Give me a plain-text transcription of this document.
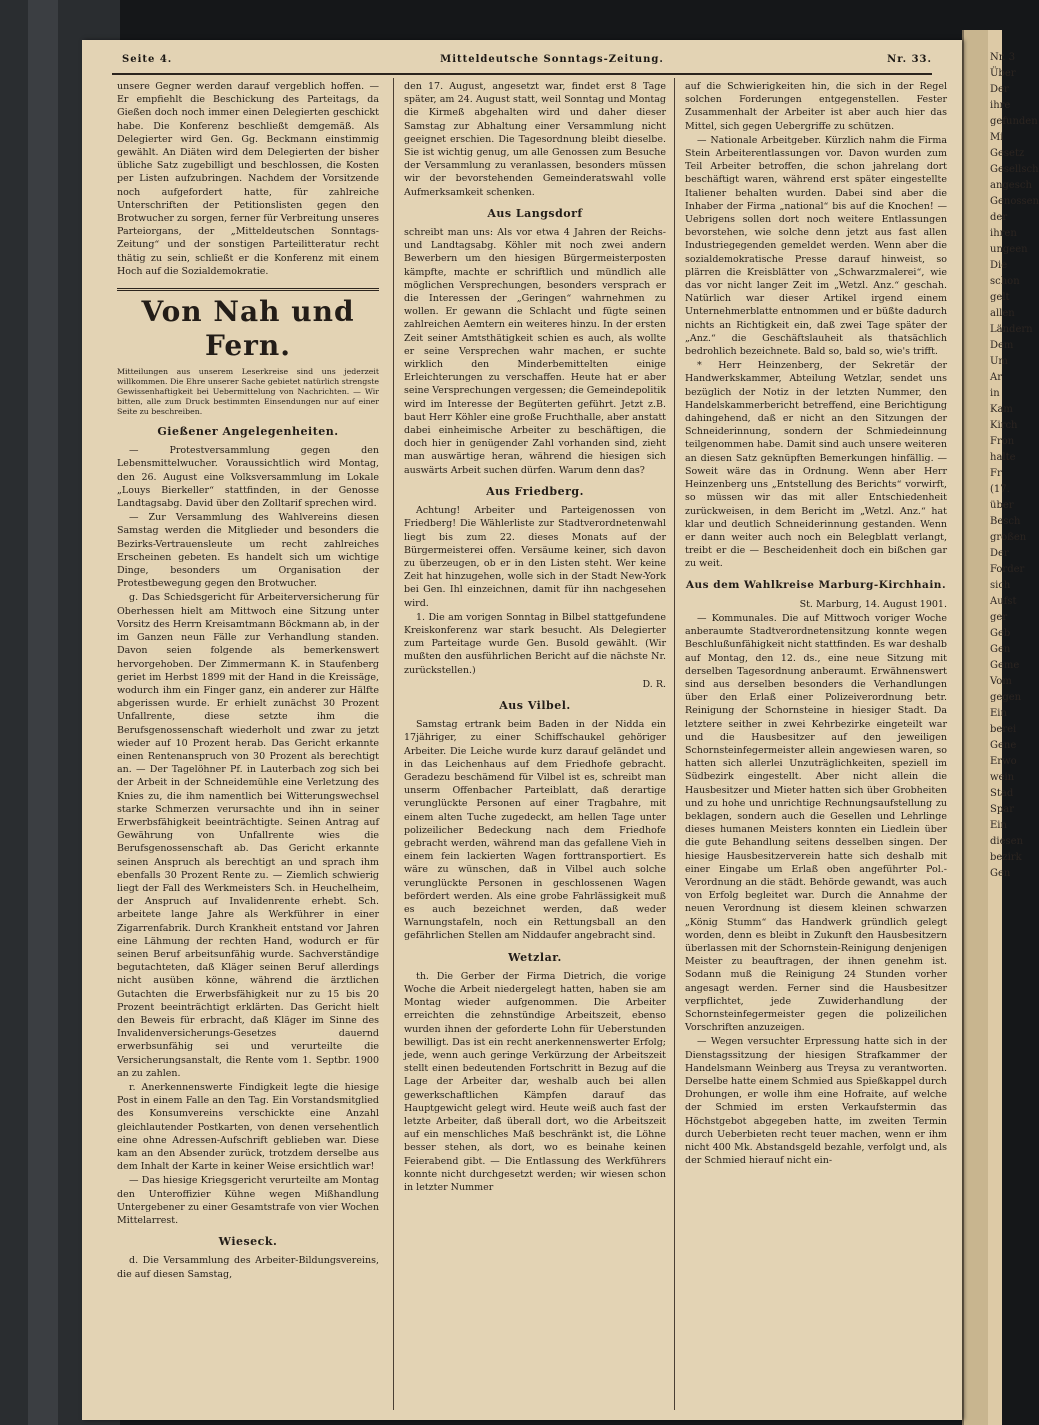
Nr. 3
Über
Der
ihre
gefunden
Mi
Gesetz
Gesellsch
angesch
Genossen
der
ihren
ungeen
Die
schon
gelt
allen
Ländern
Dem
Um
Ar
in
Kam
Kirch
Fron
halte
Fr
(17.
über
Besch
großen
Der
Forder
sich
Aufst
ger
Geb
Gen
Geme
Vom
gegen
Ein
berei
Gene
Erwo
wein
Stad
Spar
Ein
diesen
bezirk
Gen
Seite 4.	Mitteldeutsche Sonntags-Zeitung.	Nr. 33.

unsere Gegner werden darauf vergeblich hoffen. — Er empfiehlt die Beschickung des Parteitags, da Gießen doch noch immer einen Delegierten geschickt habe. Die Konferenz beschließt demgemäß. Als Delegierter wird Gen. Gg. Beckmann einstimmig gewählt. An Diäten wird dem Delegierten der bisher übliche Satz zugebilligt und beschlossen, die Kosten per Listen aufzubringen. Nachdem der Vorsitzende noch aufgefordert hatte, für zahlreiche Unterschriften der Petitionslisten gegen den Brotwucher zu sorgen, ferner für Verbreitung unseres Parteiorgans, der „Mitteldeutschen Sonntags-Zeitung“ und der sonstigen Parteilitteratur recht thätig zu sein, schließt er die Konferenz mit einem Hoch auf die Sozialdemokratie.

Von Nah und Fern.

Mitteilungen aus unserem Leserkreise sind uns jederzeit willkommen. Die Ehre unserer Sache gebietet natürlich strengste Gewissenhaftigkeit bei Uebermittelung von Nachrichten. — Wir bitten, alle zum Druck bestimmten Einsendungen nur auf einer Seite zu beschreiben.

Gießener Angelegenheiten.

— Protestversammlung gegen den Lebensmittelwucher. Voraussichtlich wird Montag, den 26. August eine Volksversammlung im Lokale „Louys Bierkeller“ stattfinden, in der Genosse Landtagsabg. David über den Zolltarif sprechen wird.

— Zur Versammlung des Wahlvereins diesen Samstag werden die Mitglieder und besonders die Bezirks-Vertrauensleute um recht zahlreiches Erscheinen gebeten. Es handelt sich um wichtige Dinge, besonders um Organisation der Protestbewegung gegen den Brotwucher.

g. Das Schiedsgericht für Arbeiterversicherung für Oberhessen hielt am Mittwoch eine Sitzung unter Vorsitz des Herrn Kreisamtmann Böckmann ab, in der im Ganzen neun Fälle zur Verhandlung standen. Davon seien folgende als bemerkenswert hervorgehoben. Der Zimmermann K. in Staufenberg geriet im Herbst 1899 mit der Hand in die Kreissäge, wodurch ihm ein Finger ganz, ein anderer zur Hälfte abgerissen wurde. Er erhielt zunächst 30 Prozent Unfallrente, diese setzte ihm die Berufsgenossenschaft wiederholt und zwar zu jetzt wieder auf 10 Prozent herab. Das Gericht erkannte einen Rentenanspruch von 30 Prozent als berechtigt an. — Der Tagelöhner Pf. in Lauterbach zog sich bei der Arbeit in der Schneidemühle eine Verletzung des Knies zu, die ihm namentlich bei Witterungswechsel starke Schmerzen verursachte und ihn in seiner Erwerbsfähigkeit beeinträchtigte. Seinen Antrag auf Gewährung von Unfallrente wies die Berufsgenossenschaft ab. Das Gericht erkannte seinen Anspruch als berechtigt an und sprach ihm ebenfalls 30 Prozent Rente zu. — Ziemlich schwierig liegt der Fall des Werkmeisters Sch. in Heuchelheim, der Anspruch auf Invalidenrente erhebt. Sch. arbeitete lange Jahre als Werkführer in einer Zigarrenfabrik. Durch Krankheit entstand vor Jahren eine Lähmung der rechten Hand, wodurch er für seinen Beruf arbeitsunfähig wurde. Sachverständige begutachteten, daß Kläger seinen Beruf allerdings nicht ausüben könne, während die ärztlichen Gutachten die Erwerbsfähigkeit nur zu 15 bis 20 Prozent beeinträchtigt erklärten. Das Gericht hielt den Beweis für erbracht, daß Kläger im Sinne des Invalidenversicherungs-Gesetzes dauernd erwerbsunfähig sei und verurteilte die Versicherungsanstalt, die Rente vom 1. Septbr. 1900 an zu zahlen.

r. Anerkennenswerte Findigkeit legte die hiesige Post in einem Falle an den Tag. Ein Vorstandsmitglied des Konsumvereins verschickte eine Anzahl gleichlautender Postkarten, von denen versehentlich eine ohne Adressen-Aufschrift geblieben war. Diese kam an den Absender zurück, trotzdem derselbe aus dem Inhalt der Karte in keiner Weise ersichtlich war!

— Das hiesige Kriegsgericht verurteilte am Montag den Unteroffizier Kühne wegen Mißhandlung Untergebener zu einer Gesamtstrafe von vier Wochen Mittelarrest.

Wieseck.

d. Die Versammlung des Arbeiter-Bildungsvereins, die auf diesen Samstag,

den 17. August, angesetzt war, findet erst 8 Tage später, am 24. August statt, weil Sonntag und Montag die Kirmeß abgehalten wird und daher dieser Samstag zur Abhaltung einer Versammlung nicht geeignet erschien. Die Tagesordnung bleibt dieselbe. Sie ist wichtig genug, um alle Genossen zum Besuche der Versammlung zu veranlassen, besonders müssen wir der bevorstehenden Gemeinderatswahl volle Aufmerksamkeit schenken.

Aus Langsdorf

schreibt man uns: Als vor etwa 4 Jahren der Reichs- und Landtagsabg. Köhler mit noch zwei andern Bewerbern um den hiesigen Bürgermeisterposten kämpfte, machte er schriftlich und mündlich alle möglichen Versprechungen, besonders versprach er die Interessen der „Geringen“ wahrnehmen zu wollen. Er gewann die Schlacht und fügte seinen zahlreichen Aemtern ein weiteres hinzu. In der ersten Zeit seiner Amtsthätigkeit schien es auch, als wollte er seine Versprechen wahr machen, er suchte wirklich den Minderbemittelten einige Erleichterungen zu verschaffen. Heute hat er aber seine Versprechungen vergessen; die Gemeindepolitik wird im Interesse der Begüterten geführt. Jetzt z.B. baut Herr Köhler eine große Fruchthalle, aber anstatt dabei einheimische Arbeiter zu beschäftigen, die doch hier in genügender Zahl vorhanden sind, zieht man auswärtige heran, während die hiesigen sich auswärts Arbeit suchen dürfen. Warum denn das?

Aus Friedberg.

Achtung! Arbeiter und Parteigenossen von Friedberg! Die Wählerliste zur Stadtverordnetenwahl liegt bis zum 22. dieses Monats auf der Bürgermeisterei offen. Versäume keiner, sich davon zu überzeugen, ob er in den Listen steht. Wer keine Zeit hat hinzugehen, wolle sich in der Stadt New-York bei Gen. Ihl einzeichnen, damit für ihn nachgesehen wird.

1. Die am vorigen Sonntag in Bilbel stattgefundene Kreiskonferenz war stark besucht. Als Delegierter zum Parteitage wurde Gen. Busold gewählt. (Wir mußten den ausführlichen Bericht auf die nächste Nr. zurückstellen.)

D. R.

Aus Vilbel.

Samstag ertrank beim Baden in der Nidda ein 17jähriger, zu einer Schiffschaukel gehöriger Arbeiter. Die Leiche wurde kurz darauf geländet und in das Leichenhaus auf dem Friedhofe gebracht. Geradezu beschämend für Vilbel ist es, schreibt man unserm Offenbacher Parteiblatt, daß derartige verunglückte Personen auf einer Tragbahre, mit einem alten Tuche zugedeckt, am hellen Tage unter polizeilicher Bedeckung nach dem Friedhofe gebracht werden, während man das gefallene Vieh in einem fein lackierten Wagen forttransportiert. Es wäre zu wünschen, daß in Vilbel auch solche verunglückte Personen in geschlossenen Wagen befördert werden. Als eine grobe Fahrlässigkeit muß es auch bezeichnet werden, daß weder Warnungstafeln, noch ein Rettungsball an den gefährlichen Stellen am Niddaufer angebracht sind.

Wetzlar.

th. Die Gerber der Firma Dietrich, die vorige Woche die Arbeit niedergelegt hatten, haben sie am Montag wieder aufgenommen. Die Arbeiter erreichten die zehnstündige Arbeitszeit, ebenso wurden ihnen der geforderte Lohn für Ueberstunden bewilligt. Das ist ein recht anerkennenswerter Erfolg; jede, wenn auch geringe Verkürzung der Arbeitszeit stellt einen bedeutenden Fortschritt in Bezug auf die Lage der Arbeiter dar, weshalb auch bei allen gewerkschaftlichen Kämpfen darauf das Hauptgewicht gelegt wird. Heute weiß auch fast der letzte Arbeiter, daß überall dort, wo die Arbeitszeit auf ein menschliches Maß beschränkt ist, die Löhne besser stehen, als dort, wo es beinahe keinen Feierabend gibt. — Die Entlassung des Werkführers konnte nicht durchgesetzt werden; wir wiesen schon in letzter Nummer

auf die Schwierigkeiten hin, die sich in der Regel solchen Forderungen entgegenstellen. Fester Zusammenhalt der Arbeiter ist aber auch hier das Mittel, sich gegen Uebergriffe zu schützen.

— Nationale Arbeitgeber. Kürzlich nahm die Firma Stein Arbeiterentlassungen vor. Davon wurden zum Teil Arbeiter betroffen, die schon jahrelang dort beschäftigt waren, während erst später eingestellte Italiener behalten wurden. Dabei sind aber die Inhaber der Firma „national“ bis auf die Knochen! — Uebrigens sollen dort noch weitere Entlassungen bevorstehen, wie solche denn jetzt aus fast allen Industriegegenden gemeldet werden. Wenn aber die sozialdemokratische Presse darauf hinweist, so plärren die Kreisblätter von „Schwarzmalerei“, wie das vor nicht langer Zeit im „Wetzl. Anz.“ geschah. Natürlich war dieser Artikel irgend einem Unternehmerblatte entnommen und er büßte dadurch nichts an Richtigkeit ein, daß zwei Tage später der „Anz.“ die Geschäftslauheit als thatsächlich bedrohlich bezeichnete. Bald so, bald so, wie's trifft.

* Herr Heinzenberg, der Sekretär der Handwerkskammer, Abteilung Wetzlar, sendet uns bezüglich der Notiz in der letzten Nummer, den Handelskammerbericht betreffend, eine Berichtigung dahingehend, daß er nicht an den Sitzungen der Schneiderinnung, sondern der Schmiedeinnung teilgenommen habe. Damit sind auch unsere weiteren an diesen Satz geknüpften Bemerkungen hinfällig. — Soweit wäre das in Ordnung. Wenn aber Herr Heinzenberg uns „Entstellung des Berichts“ vorwirft, so müssen wir das mit aller Entschiedenheit zurückweisen, in dem Bericht im „Wetzl. Anz.“ hat klar und deutlich Schneiderinnung gestanden. Wenn er dann weiter auch noch ein Belegblatt verlangt, treibt er die — Bescheidenheit doch ein bißchen gar zu weit.

Aus dem Wahlkreise Marburg-Kirchhain.

St. Marburg, 14. August 1901.

— Kommunales. Die auf Mittwoch voriger Woche anberaumte Stadtverordnetensitzung konnte wegen Beschlußunfähigkeit nicht stattfinden. Es war deshalb auf Montag, den 12. ds., eine neue Sitzung mit derselben Tagesordnung anberaumt. Erwähnenswert sind aus derselben besonders die Verhandlungen über den Erlaß einer Polizeiverordnung betr. Reinigung der Schornsteine in hiesiger Stadt. Da letztere seither in zwei Kehrbezirke eingeteilt war und die Hausbesitzer auf den jeweiligen Schornsteinfegermeister allein angewiesen waren, so hatten sich allerlei Unzuträglichkeiten, speziell im Südbezirk eingestellt. Aber nicht allein die Hausbesitzer und Mieter hatten sich über Grobheiten und zu hohe und unrichtige Rechnungsaufstellung zu beklagen, sondern auch die Gesellen und Lehrlinge dieses humanen Meisters konnten ein Liedlein über die gute Behandlung seitens desselben singen. Der hiesige Hausbesitzerverein hatte sich deshalb mit einer Eingabe um Erlaß oben angeführter Pol.-Verordnung an die städt. Behörde gewandt, was auch von Erfolg begleitet war. Durch die Annahme der neuen Verordnung ist diesem kleinen schwarzen „König Stumm“ das Handwerk gründlich gelegt worden, denn es bleibt in Zukunft den Hausbesitzern überlassen mit der Schornstein-Reinigung denjenigen Meister zu beauftragen, der ihnen genehm ist. Sodann muß die Reinigung 24 Stunden vorher angesagt werden. Ferner sind die Hausbesitzer verpflichtet, jede Zuwiderhandlung der Schornsteinfegermeister gegen die polizeilichen Vorschriften anzuzeigen.

— Wegen versuchter Erpressung hatte sich in der Dienstagssitzung der hiesigen Strafkammer der Handelsmann Weinberg aus Treysa zu verantworten. Derselbe hatte einem Schmied aus Spießkappel durch Drohungen, er wolle ihm eine Hofraite, auf welche der Schmied im ersten Verkaufstermin das Höchstgebot abgegeben hatte, im zweiten Termin durch Ueberbieten recht teuer machen, wenn er ihm nicht 400 Mk. Abstandsgeld bezahle, verfolgt und, als der Schmied hierauf nicht ein-
